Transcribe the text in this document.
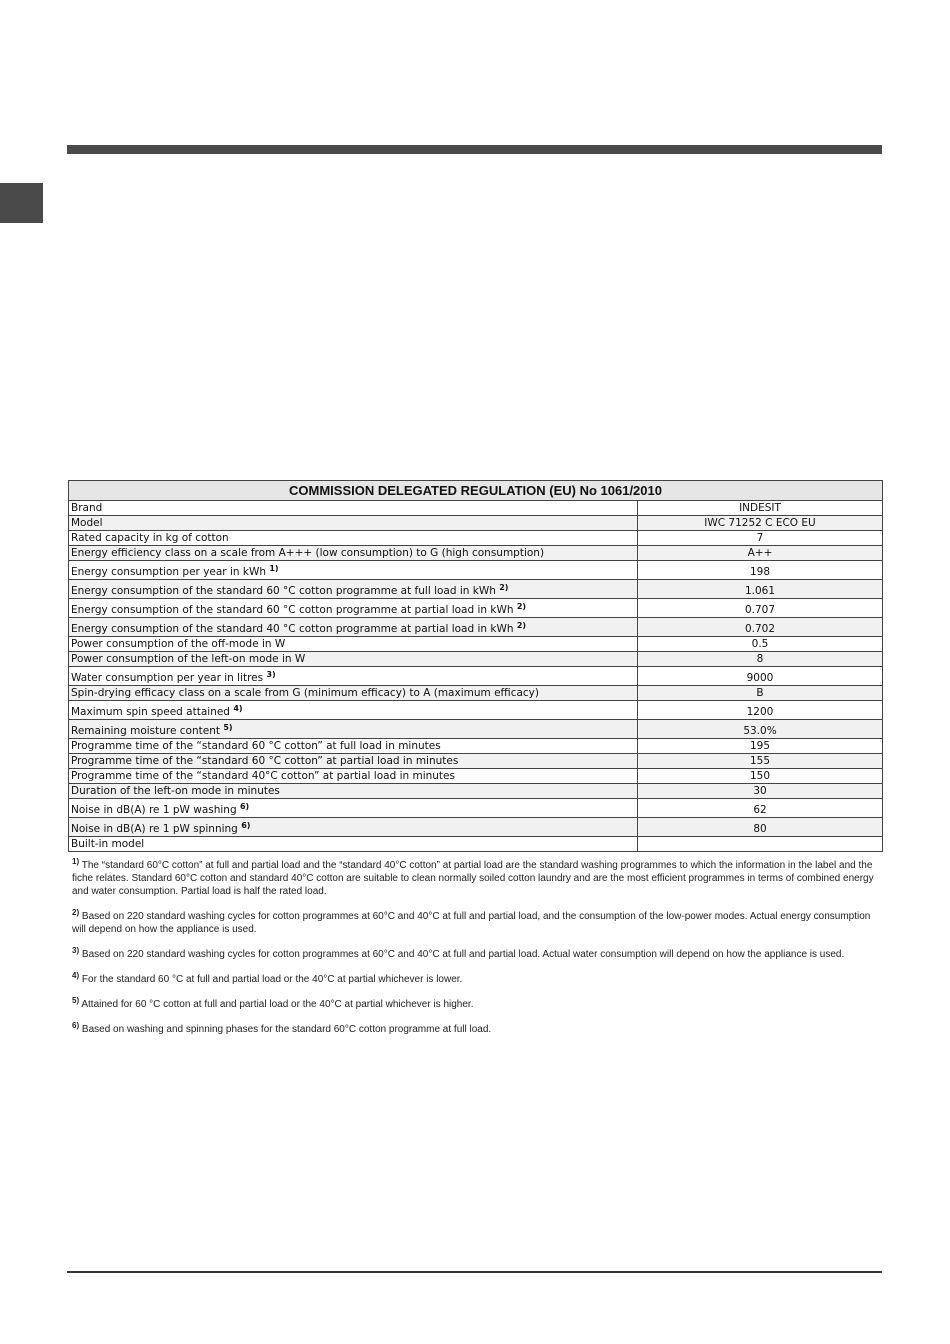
COMMISSION DELEGATED REGULATION (EU) No 1061/2010	
Brand	INDESIT
Model	IWC 71252 C ECO EU
Rated capacity in kg of cotton	7
Energy efficiency class on a scale from A+++ (low consumption) to G (high consumption)	A++
Energy consumption per year in kWh $^{1)}$	198
Energy consumption of the standard 60 °C cotton programme at full load in kWh $^{2)}$	1.061
Energy consumption of the standard 60 °C cotton programme at partial load in kWh $^{2)}$	0.707
Energy consumption of the standard 40 °C cotton programme at partial load in kWh $^{2)}$	0.702
Power consumption of the off-mode in W	0.5
Power consumption of the left-on mode in W	8
Water consumption per year in litres $^{3)}$	9000
Spin-drying efficacy class on a scale from G (minimum efficacy) to A (maximum efficacy)	B
Maximum spin speed attained $^{4)}$	1200
Remaining moisture content $^{5)}$	53.0%
Programme time of the “standard 60 °C cotton” at full load in minutes	195
Programme time of the “standard 60 °C cotton” at partial load in minutes	155
Programme time of the “standard 40°C cotton” at partial load in minutes	150
Duration of the left-on mode in minutes	30
Noise in dB(A) re 1 pW washing $^{6)}$	62
Noise in dB(A) re 1 pW spinning $^{6)}$	80
Built-in model	
$^{1)}$ The “standard 60°C cotton” at full and partial load and the “standard 40°C cotton” at partial load are the standard washing programmes to which the information in the label and the fiche relates. Standard 60°C cotton and standard 40°C cotton are suitable to clean normally soiled cotton laundry and are the most efficient programmes in terms of combined energy and water consumption. Partial load is half the rated load.
$^{2)}$ Based on 220 standard washing cycles for cotton programmes at 60°C and 40°C at full and partial load, and the consumption of the low-power modes. Actual energy consumption will depend on how the appliance is used.
$^{3)}$ Based on 220 standard washing cycles for cotton programmes at 60°C and 40°C at full and partial load. Actual water consumption will depend on how the appliance is used.
$^{4)}$ For the standard 60 °C at full and partial load or the 40°C at partial whichever is lower.
$^{5)}$ Attained for 60 °C cotton at full and partial load or the 40°C at partial whichever is higher.
$^{6)}$ Based on washing and spinning phases for the standard 60°C cotton programme at full load.
